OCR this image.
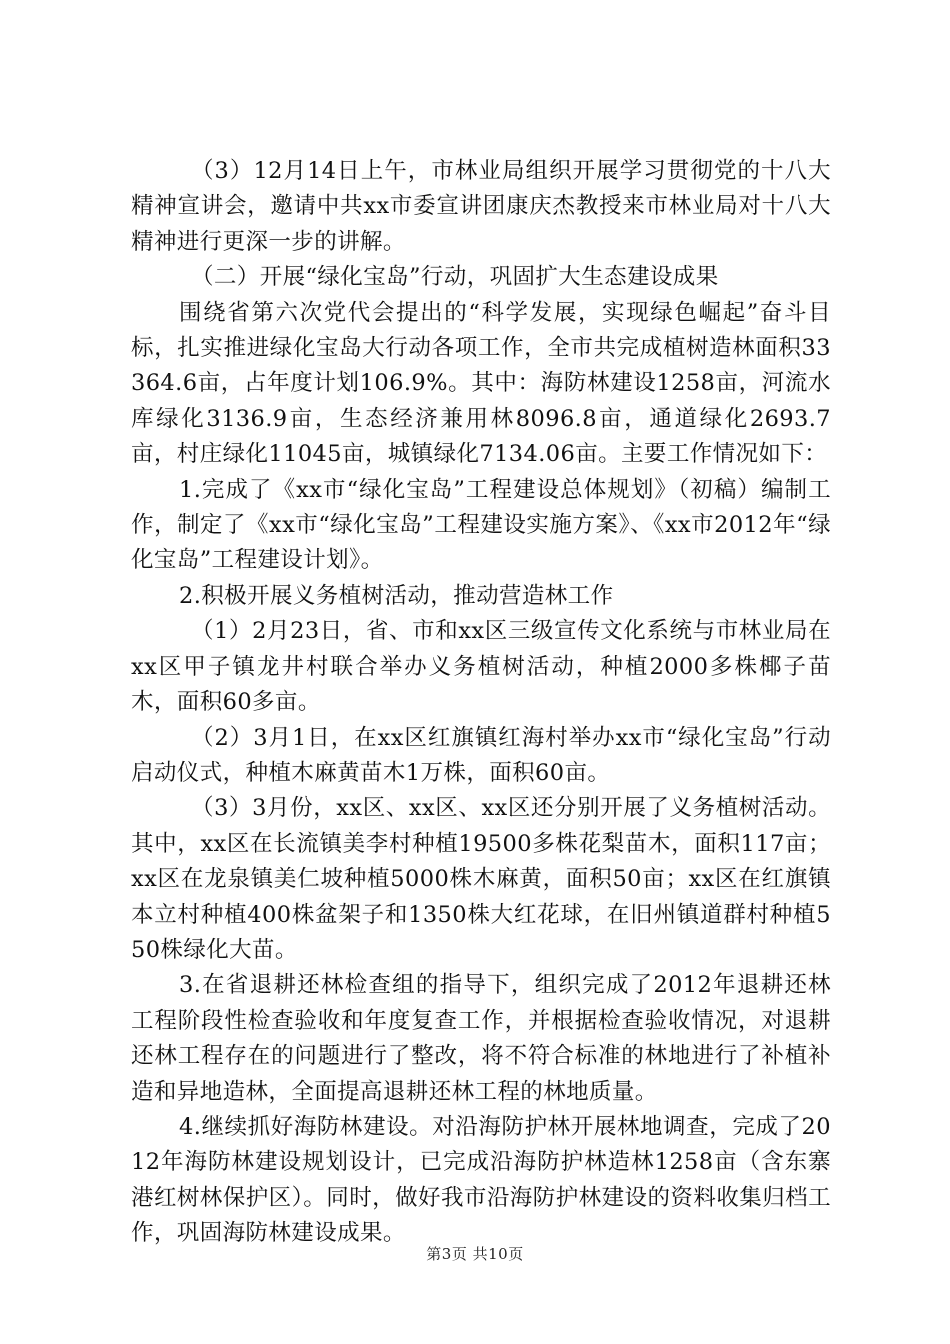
（3）12月14日上午，市林业局组织开展学习贯彻党的十八大精神宣讲会，邀请中共xx市委宣讲团康庆杰教授来市林业局对十八大精神进行更深一步的讲解。

（二）开展“绿化宝岛”行动，巩固扩大生态建设成果

围绕省第六次党代会提出的“科学发展，实现绿色崛起”奋斗目标，扎实推进绿化宝岛大行动各项工作，全市共完成植树造林面积33364.6亩，占年度计划106.9%。其中：海防林建设1258亩，河流水库绿化3136.9亩，生态经济兼用林8096.8亩，通道绿化2693.7亩，村庄绿化11045亩，城镇绿化7134.06亩。主要工作情况如下：

1.完成了《xx市“绿化宝岛”工程建设总体规划》（初稿）编制工作，制定了《xx市“绿化宝岛”工程建设实施方案》、《xx市2012年“绿化宝岛”工程建设计划》。

2.积极开展义务植树活动，推动营造林工作

（1）2月23日，省、市和xx区三级宣传文化系统与市林业局在xx区甲子镇龙井村联合举办义务植树活动，种植2000多株椰子苗木，面积60多亩。

（2）3月1日，在xx区红旗镇红海村举办xx市“绿化宝岛”行动启动仪式，种植木麻黄苗木1万株，面积60亩。

（3）3月份，xx区、xx区、xx区还分别开展了义务植树活动。其中，xx区在长流镇美李村种植19500多株花梨苗木，面积117亩；xx区在龙泉镇美仁坡种植5000株木麻黄，面积50亩；xx区在红旗镇本立村种植400株盆架子和1350株大红花球，在旧州镇道群村种植550株绿化大苗。

3.在省退耕还林检查组的指导下，组织完成了2012年退耕还林工程阶段性检查验收和年度复查工作，并根据检查验收情况，对退耕还林工程存在的问题进行了整改，将不符合标准的林地进行了补植补造和异地造林，全面提高退耕还林工程的林地质量。

4.继续抓好海防林建设。对沿海防护林开展林地调查，完成了2012年海防林建设规划设计，已完成沿海防护林造林1258亩（含东寨港红树林保护区）。同时，做好我市沿海防护林建设的资料收集归档工作，巩固海防林建设成果。

第3页 共10页
